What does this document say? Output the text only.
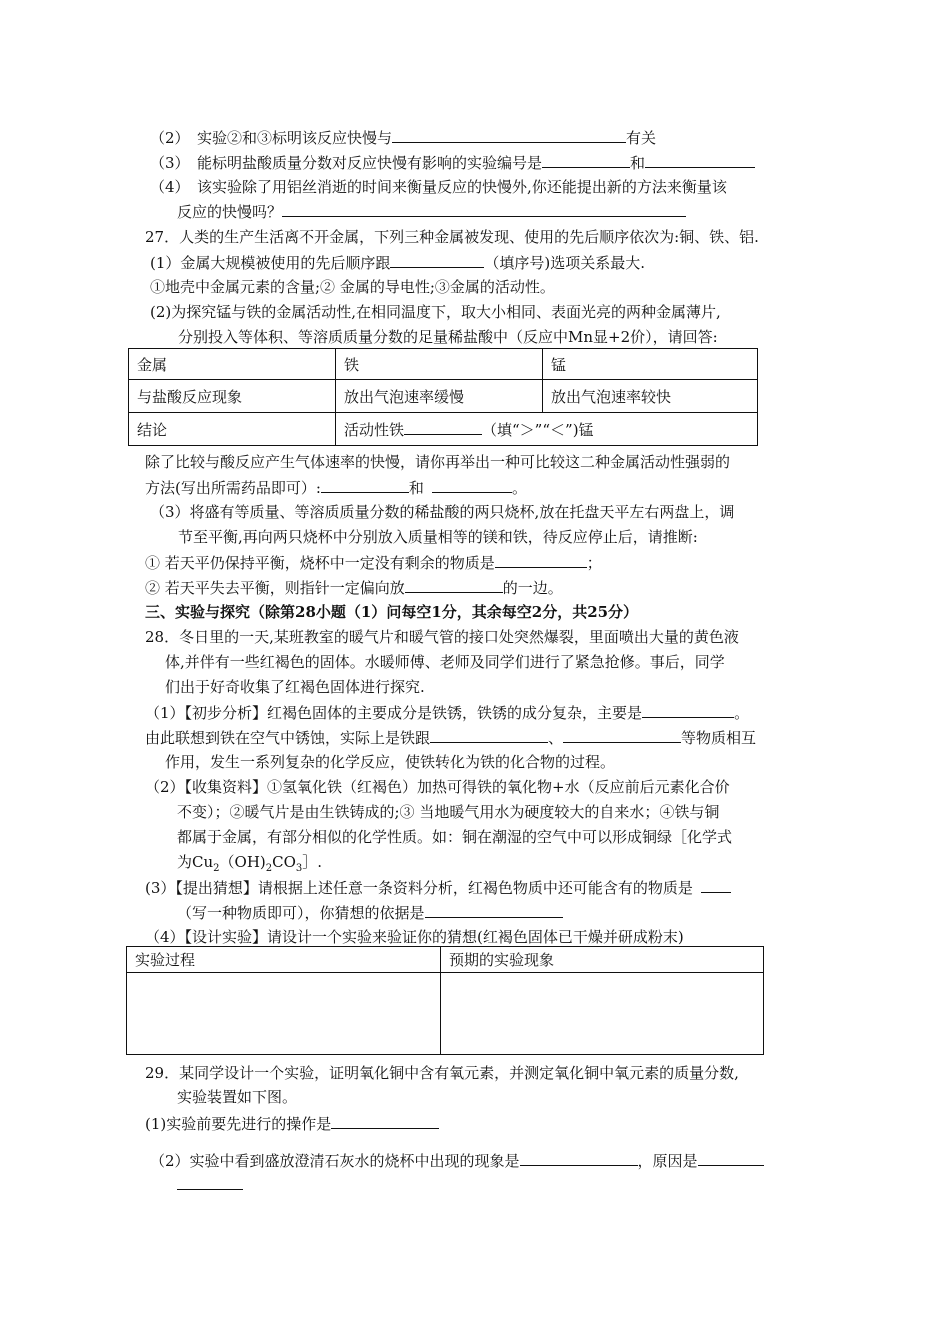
（2）　实验②和③标明该反应快慢与	有关
（3）　能标明盐酸质量分数对反应快慢有影响的实验编号是	和
（4）　该实验除了用铝丝消逝的时间来衡量反应的快慢外,你还能提出新的方法来衡量该
反应的快慢吗？
27．人类的生产生活离不开金属，下列三种金属被发现、使用的先后顺序依次为:铜、铁、铝.
(1）金属大规模被使用的先后顺序跟	（填序号)选项关系最大.
①地壳中金属元素的含量;② 金属的导电性;③金属的活动性。
(2)为探究锰与铁的金属活动性,在相同温度下，取大小相同、表面光亮的两种金属薄片,
分别投入等体积、等溶质质量分数的足量稀盐酸中（反应中Mn显+2价），请回答:
金属	铁	锰
与盐酸反应现象	放出气泡速率缓慢	放出气泡速率较快
结论	活动性铁 （填“＞”“＜”)锰	
除了比较与酸反应产生气体速率的快慢，请你再举出一种可比较这二种金属活动性强弱的
方法(写出所需药品即可）:	和	。
（3）将盛有等质量、等溶质质量分数的稀盐酸的两只烧杯,放在托盘天平左右两盘上，调
节至平衡,再向两只烧杯中分别放入质量相等的镁和铁，待反应停止后，请推断:
① 若天平仍保持平衡，烧杯中一定没有剩余的物质是	；
② 若天平失去平衡，则指针一定偏向放	的一边。
三、实验与探究（除第28小题（1）问每空1分，其余每空2分，共25分）
28．冬日里的一天,某班教室的暖气片和暖气管的接口处突然爆裂，里面喷出大量的黄色液
体,并伴有一些红褐色的固体。水暖师傅、老师及同学们进行了紧急抢修。事后，同学
们出于好奇收集了红褐色固体进行探究.
（1）【初步分析】红褐色固体的主要成分是铁锈，铁锈的成分复杂，主要是	。
由此联想到铁在空气中锈蚀，实际上是铁跟	、	等物质相互
作用，发生一系列复杂的化学反应，使铁转化为铁的化合物的过程。
（2）【收集资料】①氢氧化铁（红褐色）加热可得铁的氧化物+水（反应前后元素化合价
不变）；②暖气片是由生铁铸成的;③ 当地暖气用水为硬度较大的自来水；④铁与铜
都属于金属，有部分相似的化学性质。如：铜在潮湿的空气中可以形成铜绿［化学式
为$Cu_2(OH)_2CO_3]$.
(3）【提出猜想】请根据上述任意一条资料分析，红褐色物质中还可能含有的物质是
（写一种物质即可），你猜想的依据是
（4）【设计实验】请设计一个实验来验证你的猜想(红褐色固体已干燥并研成粉末)
实验过程	预期的实验现象

29．某同学设计一个实验，证明氧化铜中含有氧元素，并测定氧化铜中氧元素的质量分数,
实验装置如下图。
(1)实验前要先进行的操作是
（2）实验中看到盛放澄清石灰水的烧杯中出现的现象是	，原因是
